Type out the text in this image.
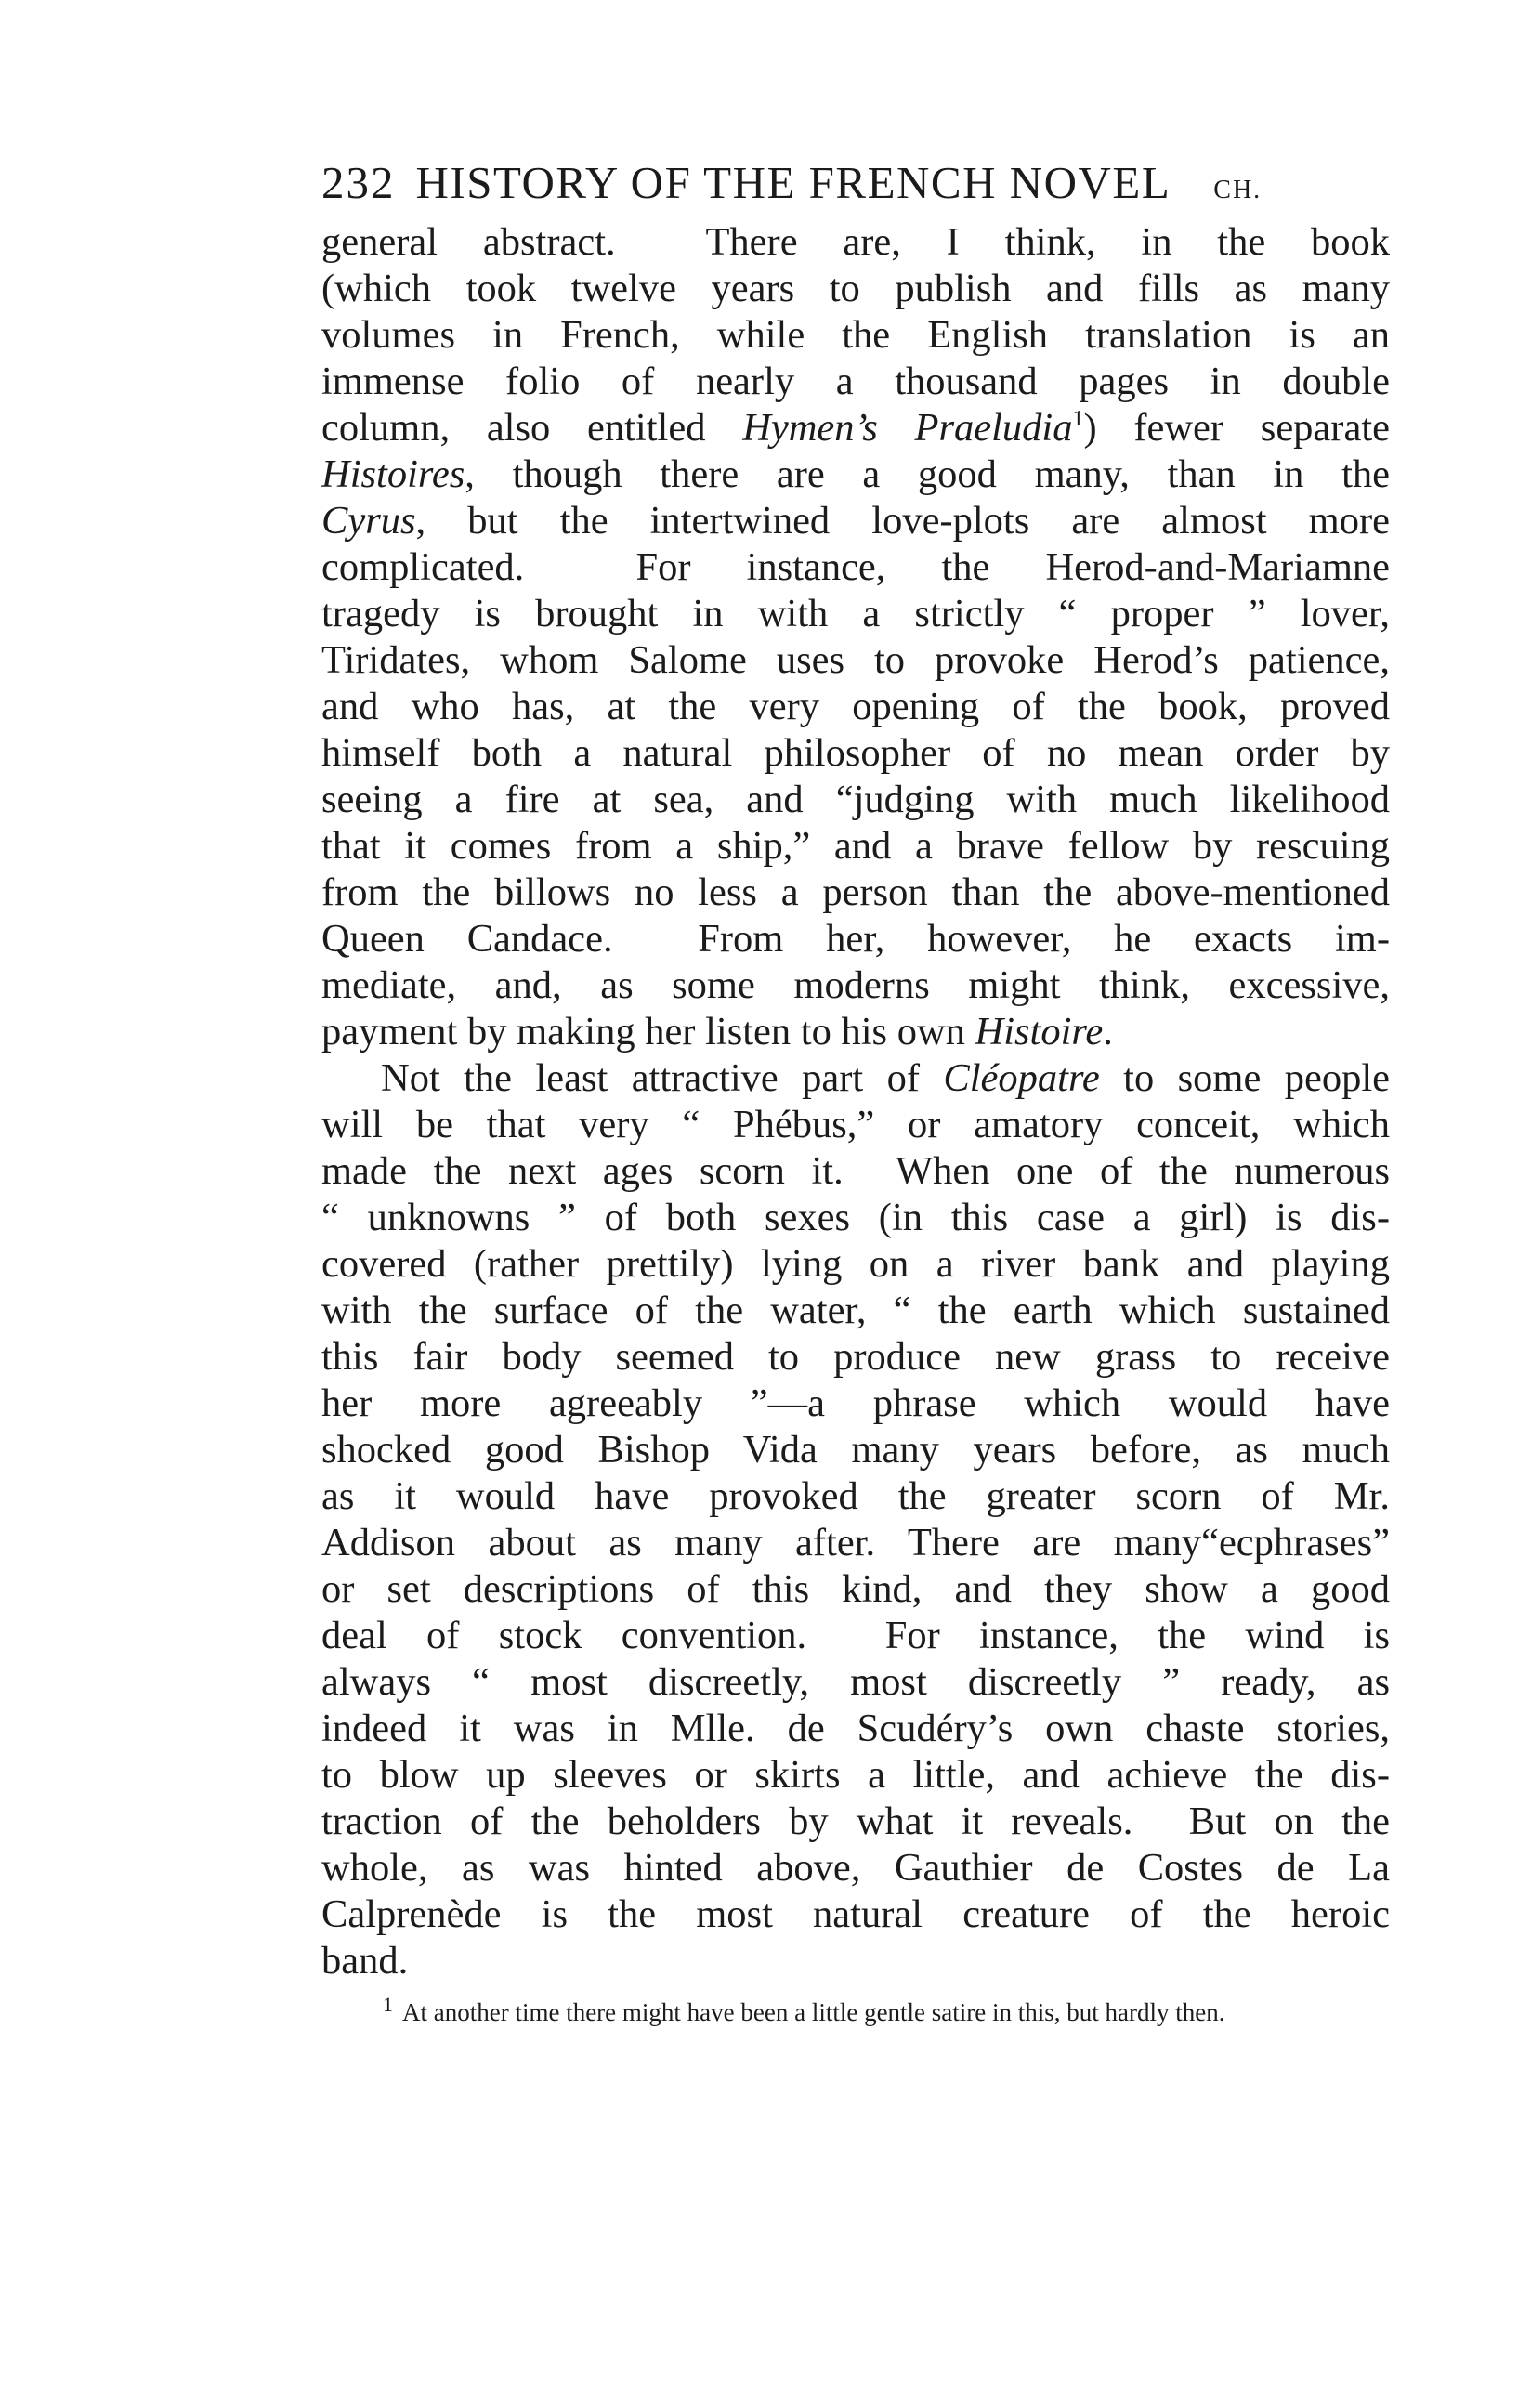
232 HISTORY OF THE FRENCH NOVEL CH.
general abstract.  There are, I think, in the book
(which took twelve years to publish and fills as many
volumes in French, while the English translation is an
immense folio of nearly a thousand pages in double
column, also entitled Hymen’s Praeludia$^1$) fewer separate
Histoires, though there are a good many, than in the
Cyrus, but the intertwined love-plots are almost more
complicated.  For instance, the Herod-and-Mariamne
tragedy is brought in with a strictly “ proper ” lover,
Tiridates, whom Salome uses to provoke Herod’s patience,
and who has, at the very opening of the book, proved
himself both a natural philosopher of no mean order by
seeing a fire at sea, and “judging with much likelihood
that it comes from a ship,” and a brave fellow by rescuing
from the billows no less a person than the above-mentioned
Queen Candace.  From her, however, he exacts im-
mediate, and, as some moderns might think, excessive,
payment by making her listen to his own Histoire.
Not the least attractive part of Cléopatre to some people
will be that very “ Phébus,” or amatory conceit, which
made the next ages scorn it.  When one of the numerous
“ unknowns ” of both sexes (in this case a girl) is dis-
covered (rather prettily) lying on a river bank and playing
with the surface of the water, “ the earth which sustained
this fair body seemed to produce new grass to receive
her more agreeably ”—a phrase which would have
shocked good Bishop Vida many years before, as much
as it would have provoked the greater scorn of Mr.
Addison about as many after. There are many“ecphrases”
or set descriptions of this kind, and they show a good
deal of stock convention.  For instance, the wind is
always “ most discreetly, most discreetly ” ready, as
indeed it was in Mlle. de Scudéry’s own chaste stories,
to blow up sleeves or skirts a little, and achieve the dis-
traction of the beholders by what it reveals.  But on the
whole, as was hinted above, Gauthier de Costes de La
Calprenède is the most natural creature of the heroic
band.
$^1$ At another time there might have been a little gentle satire in this, but hardly then.
